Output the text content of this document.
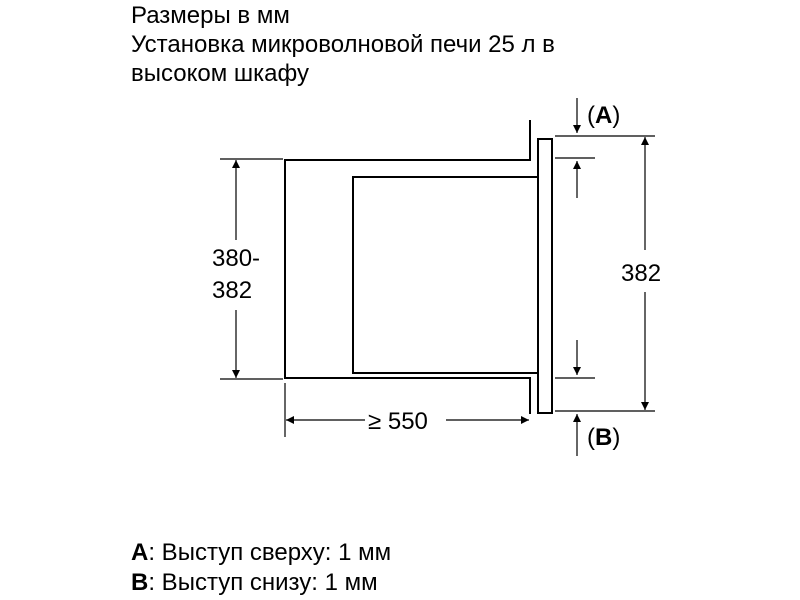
Размеры в мм
Установка микроволновой печи 25 л в
высоком шкафу
380-
382
382
≥ 550
(A)
(B)
A: Выступ сверху: 1 мм
B: Выступ снизу: 1 мм
